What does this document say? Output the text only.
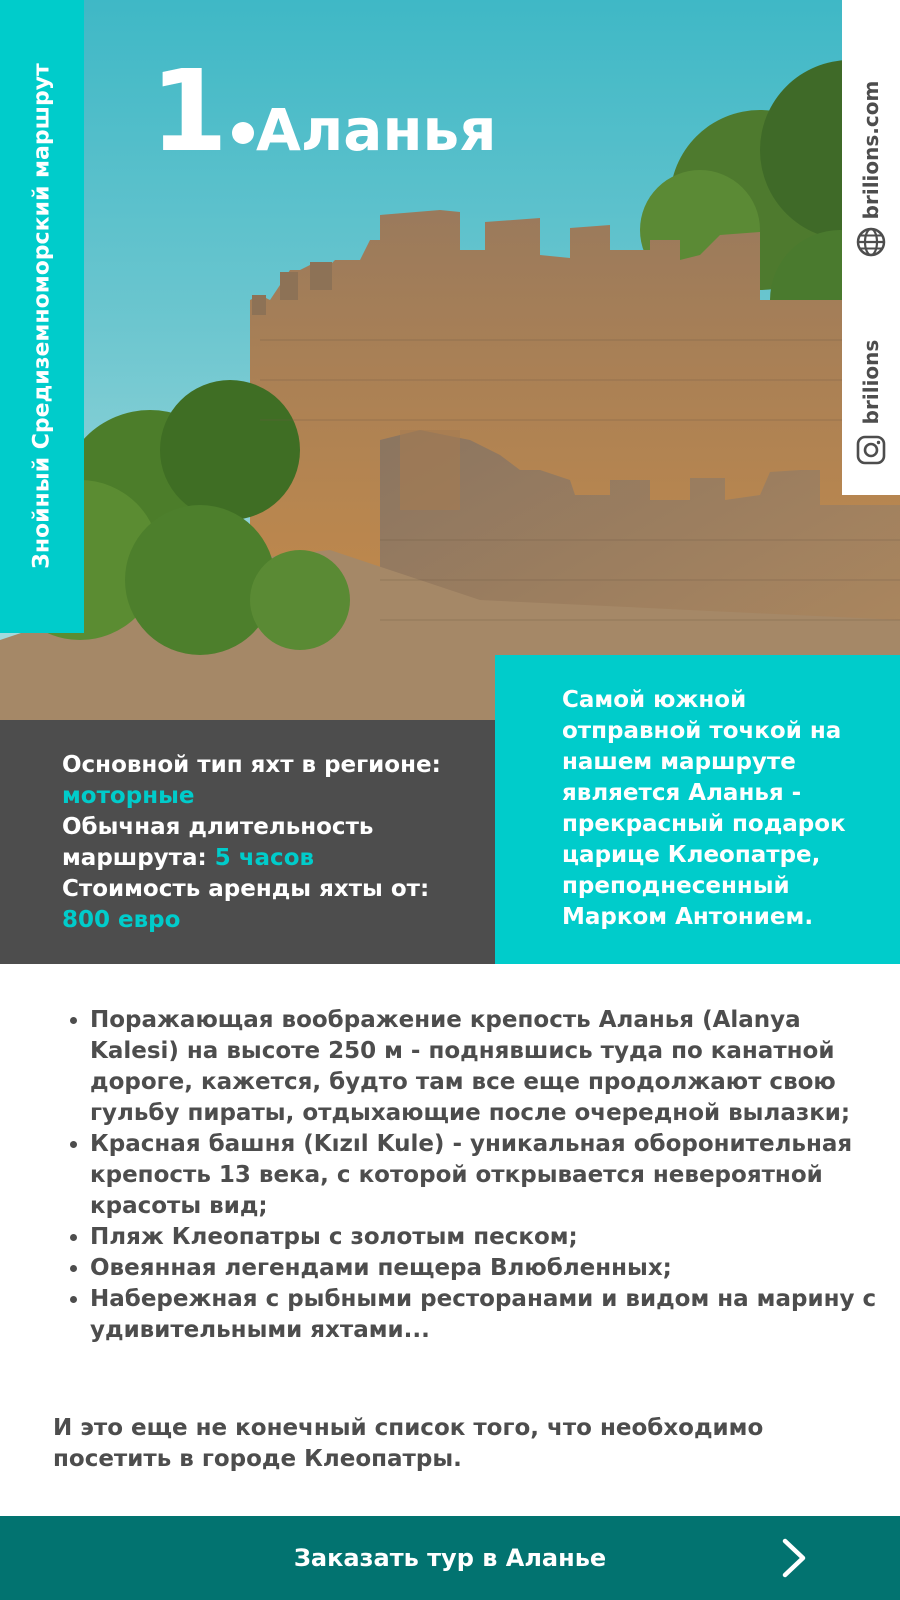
Знойный Средиземноморский маршрут 1 Аланья	brilions.com
brilions
Основной тип яхт в регионе: моторные
Обычная длительность маршрута: 5 часов
Стоимость аренды яхты от: 800 евро
Самой южной отправной точкой на нашем маршруте является Аланья - прекрасный подарок царице Клеопатре, преподнесенный Марком Антонием.
• Поражающая воображение крепость Аланья (Alanya Kalesi) на высоте 250 м - поднявшись туда по канатной дороге, кажется, будто там все еще продолжают свою гульбу пираты, отдыхающие после очередной вылазки;
• Красная башня (Kızıl Kule) - уникальная оборонительная крепость 13 века, с которой открывается невероятной красоты вид;
• Пляж Клеопатры с золотым песком;
• Овеянная легендами пещера Влюбленных;
• Набережная с рыбными ресторанами и видом на марину с удивительными яхтами...
И это еще не конечный список того, что необходимо посетить в городе Клеопатры.
Заказать тур в Аланье
